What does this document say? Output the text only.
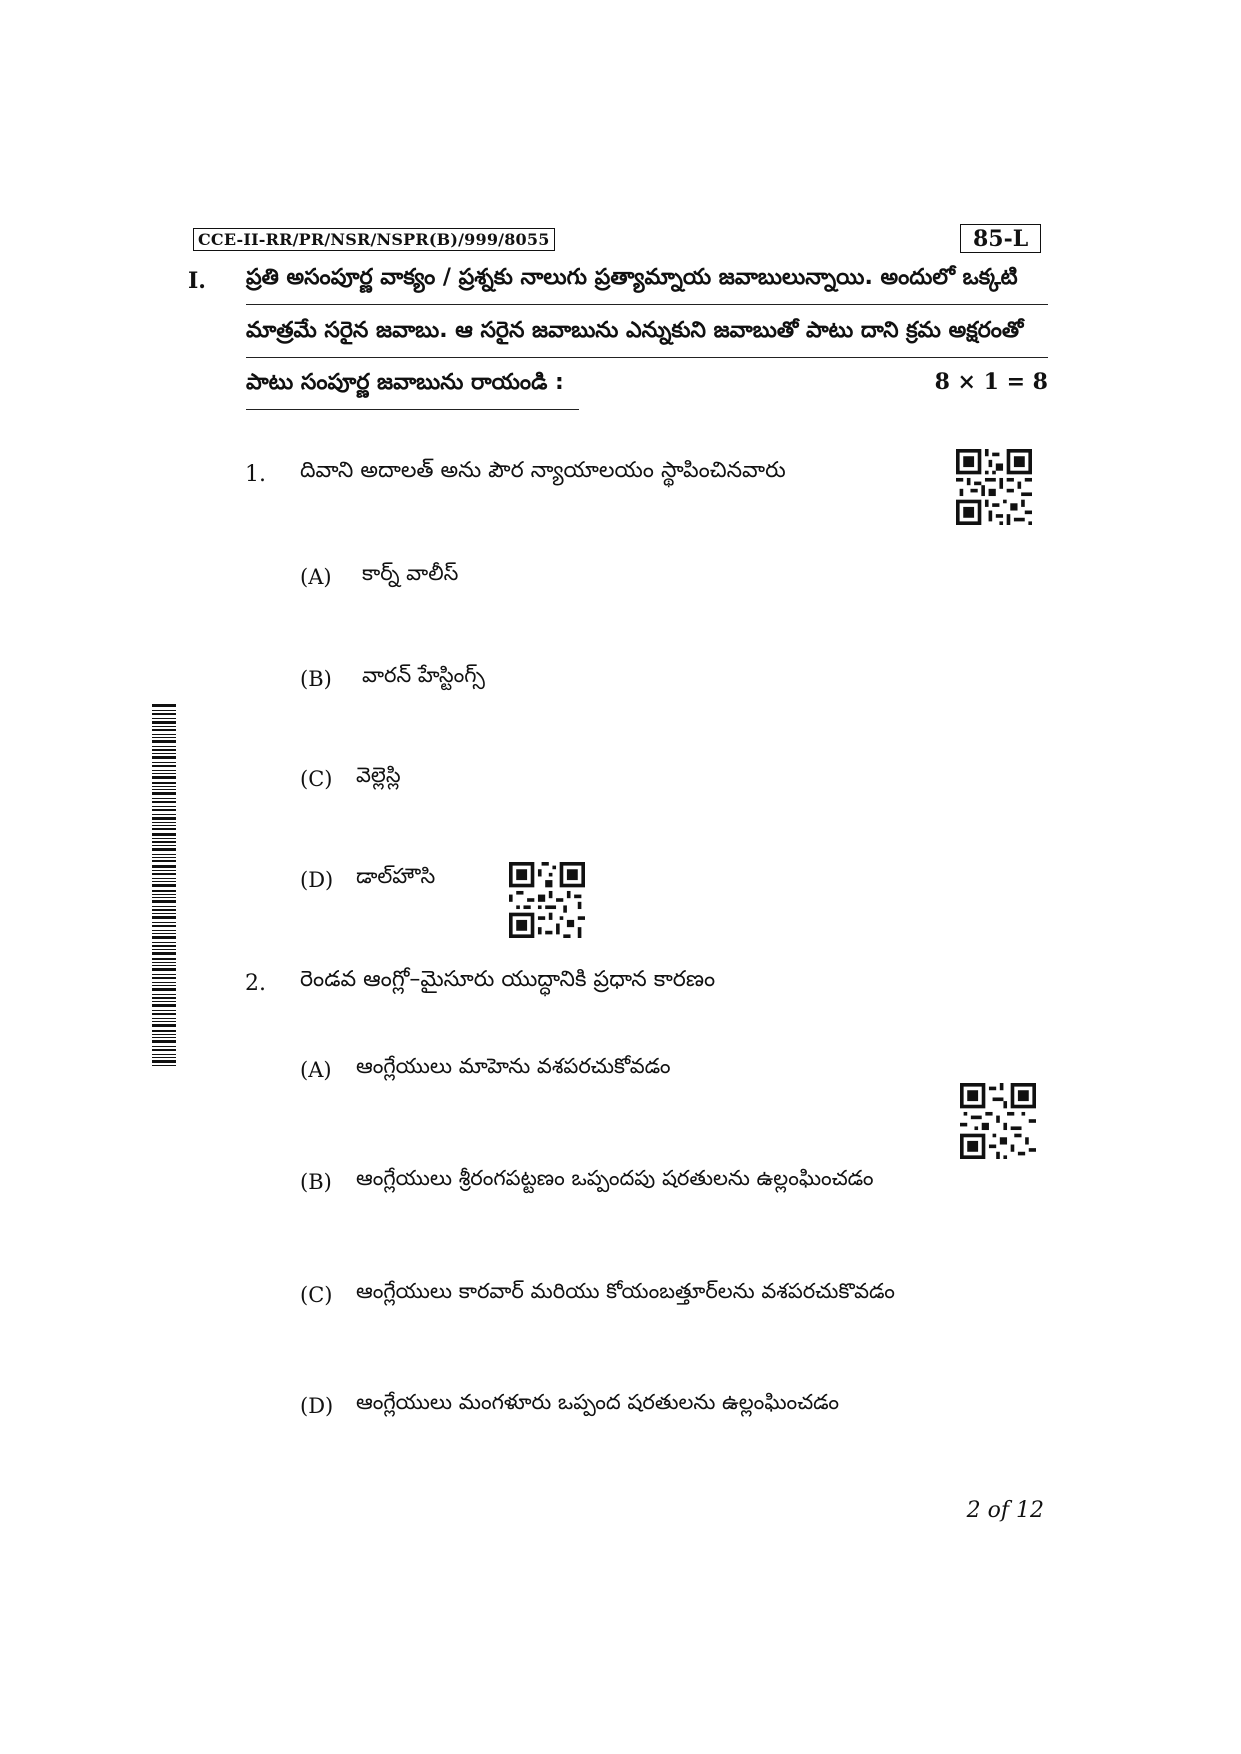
CCE-II-RR/PR/NSR/NSPR(B)/999/8055	85-L
I. ప్రతి అసంపూర్ణ వాక్యం / ప్రశ్నకు నాలుగు ప్రత్యామ్నాయ జవాబులున్నాయి. అందులో ఒక్కటి
మాత్రమే సరైన జవాబు. ఆ సరైన జవాబును ఎన్నుకుని జవాబుతో పాటు దాని క్రమ అక్షరంతో
పాటు సంపూర్ణ జవాబును రాయండి :	8 × 1 = 8
1. దివాని అదాలత్ అను పౌర న్యాయాలయం స్థాపించినవారు
(A) కార్న్ వాలీస్
(B) వారన్ హేస్టింగ్స్
(C) వెల్లెస్లి
(D) డాల్‌హౌసి
2. రెండవ ఆంగ్లో–మైసూరు యుద్ధానికి ప్రధాన కారణం
(A) ఆంగ్లేయులు మాహెను వశపరచుకోవడం
(B) ఆంగ్లేయులు శ్రీరంగపట్టణం ఒప్పందపు షరతులను ఉల్లంఘించడం
(C) ఆంగ్లేయులు కారవార్ మరియు కోయంబత్తూర్‌లను వశపరచుకొవడం
(D) ఆంగ్లేయులు మంగళూరు ఒప్పంద షరతులను ఉల్లంఘించడం
2 of 12
